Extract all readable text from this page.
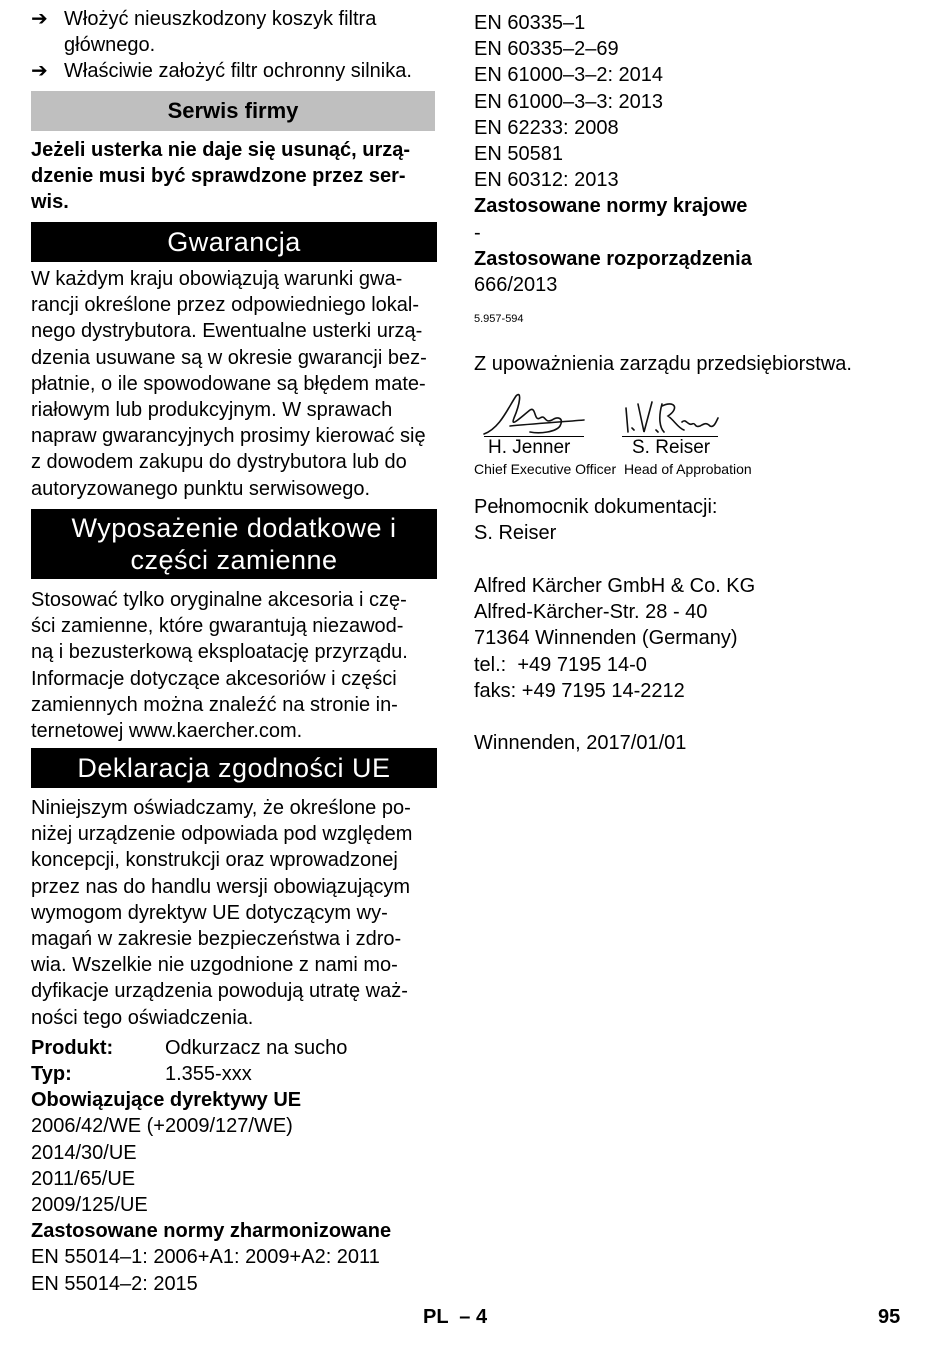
➔ Włożyć nieuszkodzony koszyk filtra
głównego.
➔ Właściwie założyć filtr ochronny silnika.
Serwis firmy
Jeżeli usterka nie daje się usunąć, urzą-
dzenie musi być sprawdzone przez ser-
wis.
Gwarancja
W każdym kraju obowiązują warunki gwa-
rancji określone przez odpowiedniego lokal-
nego dystrybutora. Ewentualne usterki urzą-
dzenia usuwane są w okresie gwarancji bez-
płatnie, o ile spowodowane są błędem mate-
riałowym lub produkcyjnym. W sprawach
napraw gwarancyjnych prosimy kierować się
z dowodem zakupu do dystrybutora lub do
autoryzowanego punktu serwisowego.
Wyposażenie dodatkowe i
części zamienne
Stosować tylko oryginalne akcesoria i czę-
ści zamienne, które gwarantują niezawod-
ną i bezusterkową eksploatację przyrządu.
Informacje dotyczące akcesoriów i części
zamiennych można znaleźć na stronie in-
ternetowej www.kaercher.com.
Deklaracja zgodności UE
Niniejszym oświadczamy, że określone po-
niżej urządzenie odpowiada pod względem
koncepcji, konstrukcji oraz wprowadzonej
przez nas do handlu wersji obowiązującym
wymogom dyrektyw UE dotyczącym wy-
magań w zakresie bezpieczeństwa i zdro-
wia. Wszelkie nie uzgodnione z nami mo-
dyfikacje urządzenia powodują utratę waż-
ności tego oświadczenia.
Produkt:	Odkurzacz na sucho
Typ:	1.355-xxx
Obowiązujące dyrektywy UE
2006/42/WE (+2009/127/WE)
2014/30/UE
2011/65/UE
2009/125/UE
Zastosowane normy zharmonizowane
EN 55014–1: 2006+A1: 2009+A2: 2011
EN 55014–2: 2015
EN 60335–1
EN 60335–2–69
EN 61000–3–2: 2014
EN 61000–3–3: 2013
EN 62233: 2008
EN 50581
EN 60312: 2013
Zastosowane normy krajowe
-
Zastosowane rozporządzenia
666/2013
5.957-594
Z upoważnienia zarządu przedsiębiorstwa.
H. Jenner
Chief Executive Officer
S. Reiser
Head of Approbation
Pełnomocnik dokumentacji:
S. Reiser
Alfred Kärcher GmbH & Co. KG
Alfred-Kärcher-Str. 28 - 40
71364 Winnenden (Germany)
tel.:  +49 7195 14-0
faks: +49 7195 14-2212
Winnenden, 2017/01/01
PL  – 4	95
